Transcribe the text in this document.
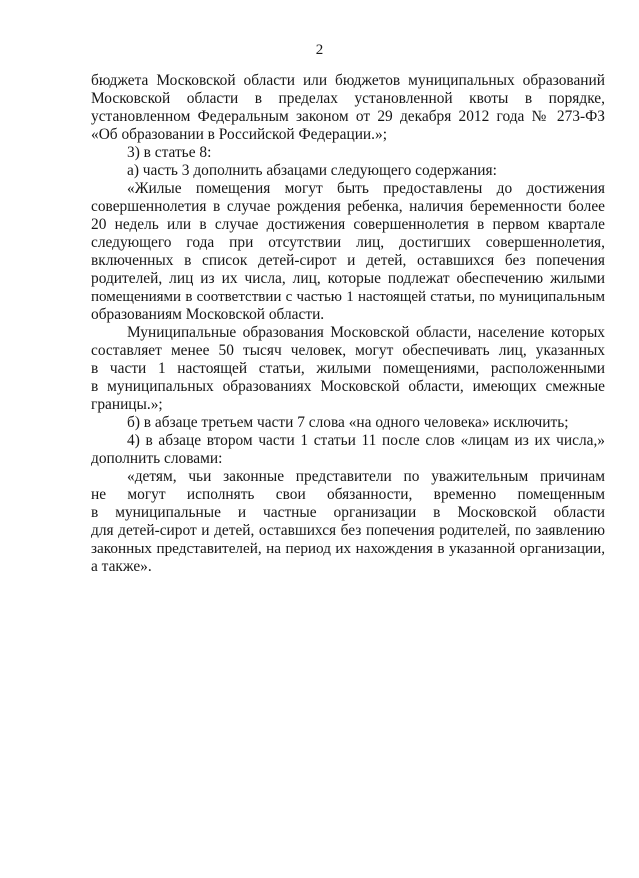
2
бюджета Московской области или бюджетов муниципальных образований
Московской области в пределах установленной квоты в порядке,
установленном Федеральным законом от 29 декабря 2012 года № 273-ФЗ
«Об образовании в Российской Федерации.»;
3) в статье 8:
а) часть 3 дополнить абзацами следующего содержания:
«Жилые помещения могут быть предоставлены до достижения
совершеннолетия в случае рождения ребенка, наличия беременности более
20 недель или в случае достижения совершеннолетия в первом квартале
следующего года при отсутствии лиц, достигших совершеннолетия,
включенных в список детей-сирот и детей, оставшихся без попечения
родителей, лиц из их числа, лиц, которые подлежат обеспечению жилыми
помещениями в соответствии с частью 1 настоящей статьи, по муниципальным
образованиям Московской области.
Муниципальные образования Московской области, население которых
составляет менее 50 тысяч человек, могут обеспечивать лиц, указанных
в части 1 настоящей статьи, жилыми помещениями, расположенными
в муниципальных образованиях Московской области, имеющих смежные
границы.»;
б) в абзаце третьем части 7 слова «на одного человека» исключить;
4) в абзаце втором части 1 статьи 11 после слов «лицам из их числа,»
дополнить словами:
«детям, чьи законные представители по уважительным причинам
не могут исполнять свои обязанности, временно помещенным
в муниципальные и частные организации в Московской области
для детей-сирот и детей, оставшихся без попечения родителей, по заявлению
законных представителей, на период их нахождения в указанной организации,
а также».
